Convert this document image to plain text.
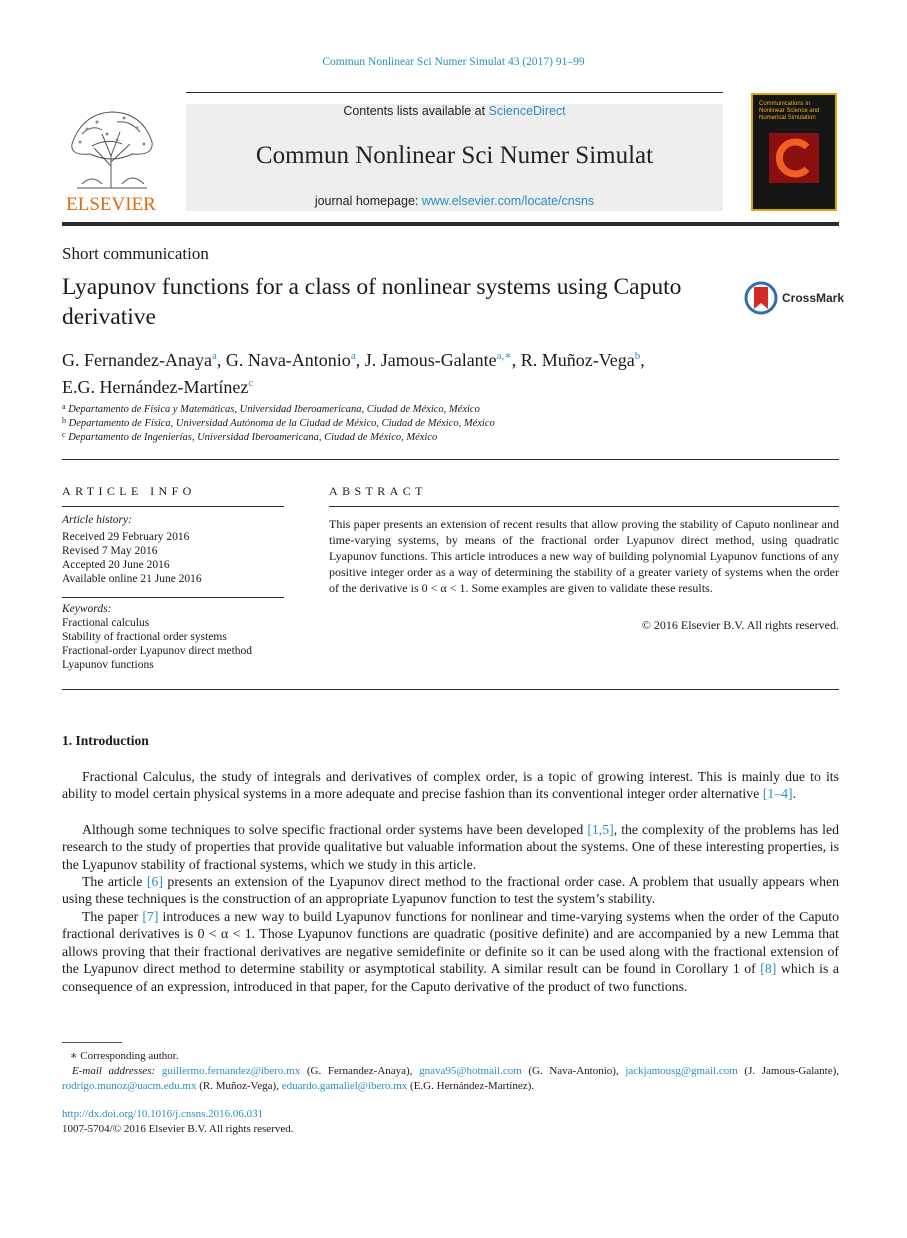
Commun Nonlinear Sci Numer Simulat 43 (2017) 91–99
ELSEVIER
Contents lists available at ScienceDirect
Commun Nonlinear Sci Numer Simulat
journal homepage: www.elsevier.com/locate/cnsns
Communications in Nonlinear Science and Numerical Simulation
Short communication
Lyapunov functions for a class of nonlinear systems using Caputo derivative
CrossMark
G. Fernandez-Anaya$^a$, G. Nava-Antonio$^a$, J. Jamous-Galante$^{a,∗}$, R. Muñoz-Vega$^b$,
E.G. Hernández-Martínez$^c$
$^a$ Departamento de Física y Matemáticas, Universidad Iberoamericana, Ciudad de México, México
$^b$ Departamento de Física, Universidad Autónoma de la Ciudad de México, Ciudad de México, México
$^c$ Departamento de Ingenierías, Universidad Iberoamericana, Ciudad de México, México
ARTICLE INFO
Article history:
Received 29 February 2016
Revised 7 May 2016
Accepted 20 June 2016
Available online 21 June 2016
Keywords:
Fractional calculus
Stability of fractional order systems
Fractional-order Lyapunov direct method
Lyapunov functions
ABSTRACT
This paper presents an extension of recent results that allow proving the stability of Caputo nonlinear and time-varying systems, by means of the fractional order Lyapunov direct method, using quadratic Lyapunov functions. This article introduces a new way of building polynomial Lyapunov functions of any positive integer order as a way of determining the stability of a greater variety of systems when the order of the derivative is 0 < α < 1. Some examples are given to validate these results.
© 2016 Elsevier B.V. All rights reserved.
1. Introduction
Fractional Calculus, the study of integrals and derivatives of complex order, is a topic of growing interest. This is mainly due to its ability to model certain physical systems in a more adequate and precise fashion than its conventional integer order alternative [1–4].
Although some techniques to solve specific fractional order systems have been developed [1,5], the complexity of the problems has led research to the study of properties that provide qualitative but valuable information about the systems. One of these interesting properties, is the Lyapunov stability of fractional systems, which we study in this article.
The article [6] presents an extension of the Lyapunov direct method to the fractional order case. A problem that usually appears when using these techniques is the construction of an appropriate Lyapunov function to test the system’s stability.
The paper [7] introduces a new way to build Lyapunov functions for nonlinear and time-varying systems when the order of the Caputo fractional derivatives is 0 < α < 1. Those Lyapunov functions are quadratic (positive definite) and are accompanied by a new Lemma that allows proving that their fractional derivatives are negative semidefinite or definite so it can be used along with the fractional extension of the Lyapunov direct method to determine stability or asymptotical stability. A similar result can be found in Corollary 1 of [8] which is a consequence of an expression, introduced in that paper, for the Caputo derivative of the product of two functions.
∗ Corresponding author.
E-mail addresses: guillermo.fernandez@ibero.mx (G. Fernandez-Anaya), gnava95@hotmail.com (G. Nava-Antonio), jackjamousg@gmail.com (J. Jamous-Galante), rodrigo.munoz@uacm.edu.mx (R. Muñoz-Vega), eduardo.gamaliel@ibero.mx (E.G. Hernández-Martínez).
http://dx.doi.org/10.1016/j.cnsns.2016.06.031
1007-5704/© 2016 Elsevier B.V. All rights reserved.
